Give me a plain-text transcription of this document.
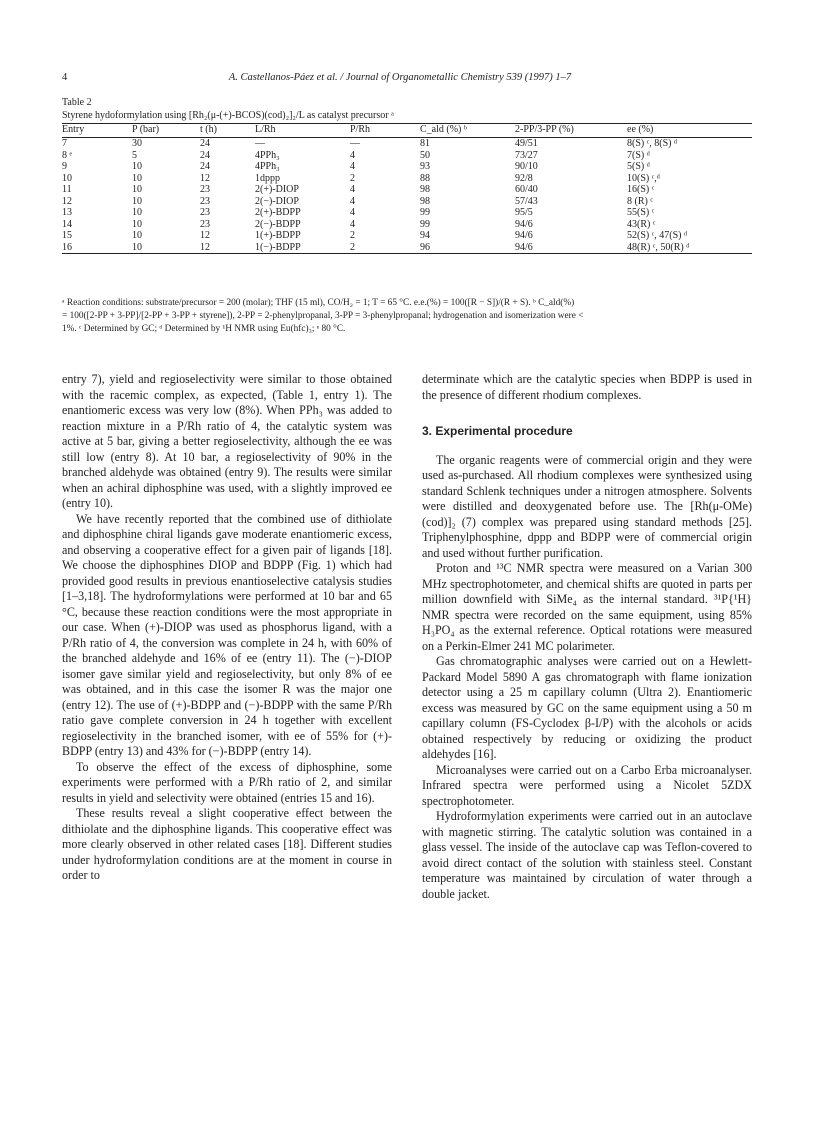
4	A. Castellanos-Páez et al. / Journal of Organometallic Chemistry 539 (1997) 1–7
Table 2
Styrene hydoformylation using [Rh₂(μ-(+)-BCOS)(cod)₂]₂/L as catalyst precursor ᵃ
Entry	P (bar)	t (h)	L/Rh	P/Rh	C_ald (%) ᵇ	2-PP/3-PP (%)	ee (%)
7	30	24	—	—	81	49/51	8(S) ᶜ, 8(S) ᵈ
8 ᵉ	5	24	4PPh₃	4	50	73/27	7(S) ᵈ
9	10	24	4PPh₃	4	93	90/10	5(S) ᵈ
10	10	12	1dppp	2	88	92/8	10(S) ᶜ,ᵈ
11	10	23	2(+)-DIOP	4	98	60/40	16(S) ᶜ
12	10	23	2(−)-DIOP	4	98	57/43	8 (R) ᶜ
13	10	23	2(+)-BDPP	4	99	95/5	55(S) ᶜ
14	10	23	2(−)-BDPP	4	99	94/6	43(R) ᶜ
15	10	12	1(+)-BDPP	2	94	94/6	52(S) ᶜ, 47(S) ᵈ
16	10	12	1(−)-BDPP	2	96	94/6	48(R) ᶜ, 50(R) ᵈ

ᵃ Reaction conditions: substrate/precursor = 200 (molar); THF (15 ml), CO/H₂ = 1; T = 65 °C. e.e.(%) = 100([R − S])/(R + S). ᵇ C_ald(%)

= 100([2-PP + 3-PP]/[2-PP + 3-PP + styrene]), 2-PP = 2-phenylpropanal, 3-PP = 3-phenylpropanal; hydrogenation and isomerization were <

1%. ᶜ Determined by GC; ᵈ Determined by ¹H NMR using Eu(hfc)₃; ᵉ 80 °C.

entry 7), yield and regioselectivity were similar to those obtained with the racemic complex, as expected, (Table 1, entry 1). The enantiomeric excess was very low (8%). When PPh₃ was added to reaction mixture in a P/Rh ratio of 4, the catalytic system was active at 5 bar, giving a better regioselectivity, although the ee was still low (entry 8). At 10 bar, a regioselectivity of 90% in the branched aldehyde was obtained (entry 9). The results were similar when an achiral diphosphine was used, with a slightly improved ee (entry 10).

We have recently reported that the combined use of dithiolate and diphosphine chiral ligands gave moderate enantiomeric excess, and observing a cooperative effect for a given pair of ligands [18]. We choose the diphosphines DIOP and BDPP (Fig. 1) which had provided good results in previous enantioselective catalysis studies [1–3,18]. The hydroformylations were performed at 10 bar and 65 °C, because these reaction conditions were the most appropriate in our case. When (+)-DIOP was used as phosphorus ligand, with a P/Rh ratio of 4, the conversion was complete in 24 h, with 60% of the branched aldehyde and 16% of ee (entry 11). The (−)-DIOP isomer gave similar yield and regioselectivity, but only 8% of ee was obtained, and in this case the isomer R was the major one (entry 12). The use of (+)-BDPP and (−)-BDPP with the same P/Rh ratio gave complete conversion in 24 h together with excellent regioselectivity in the branched isomer, with ee of 55% for (+)-BDPP (entry 13) and 43% for (−)-BDPP (entry 14).

To observe the effect of the excess of diphosphine, some experiments were performed with a P/Rh ratio of 2, and similar results in yield and selectivity were obtained (entries 15 and 16).

These results reveal a slight cooperative effect between the dithiolate and the diphosphine ligands. This cooperative effect was more clearly observed in other related cases [18]. Different studies under hydroformylation conditions are at the moment in course in order to

determinate which are the catalytic species when BDPP is used in the presence of different rhodium complexes.

3. Experimental procedure

The organic reagents were of commercial origin and they were used as-purchased. All rhodium complexes were synthesized using standard Schlenk techniques under a nitrogen atmosphere. Solvents were distilled and deoxygenated before use. The [Rh(μ-OMe)(cod)]₂ (7) complex was prepared using standard methods [25]. Triphenylphosphine, dppp and BDPP were of commercial origin and used without further purification.

Proton and ¹³C NMR spectra were measured on a Varian 300 MHz spectrophotometer, and chemical shifts are quoted in parts per million downfield with SiMe₄ as the internal standard. ³¹P{¹H} NMR spectra were recorded on the same equipment, using 85% H₃PO₄ as the external reference. Optical rotations were measured on a Perkin-Elmer 241 MC polarimeter.

Gas chromatographic analyses were carried out on a Hewlett-Packard Model 5890 A gas chromatograph with flame ionization detector using a 25 m capillary column (Ultra 2). Enantiomeric excess was measured by GC on the same equipment using a 50 m capillary column (FS-Cyclodex β-I/P) with the alcohols or acids obtained respectively by reducing or oxidizing the product aldehydes [16].

Microanalyses were carried out on a Carbo Erba microanalyser. Infrared spectra were performed using a Nicolet 5ZDX spectrophotometer.

Hydroformylation experiments were carried out in an autoclave with magnetic stirring. The catalytic solution was contained in a glass vessel. The inside of the autoclave cap was Teflon-covered to avoid direct contact of the solution with stainless steel. Constant temperature was maintained by circulation of water through a double jacket.
